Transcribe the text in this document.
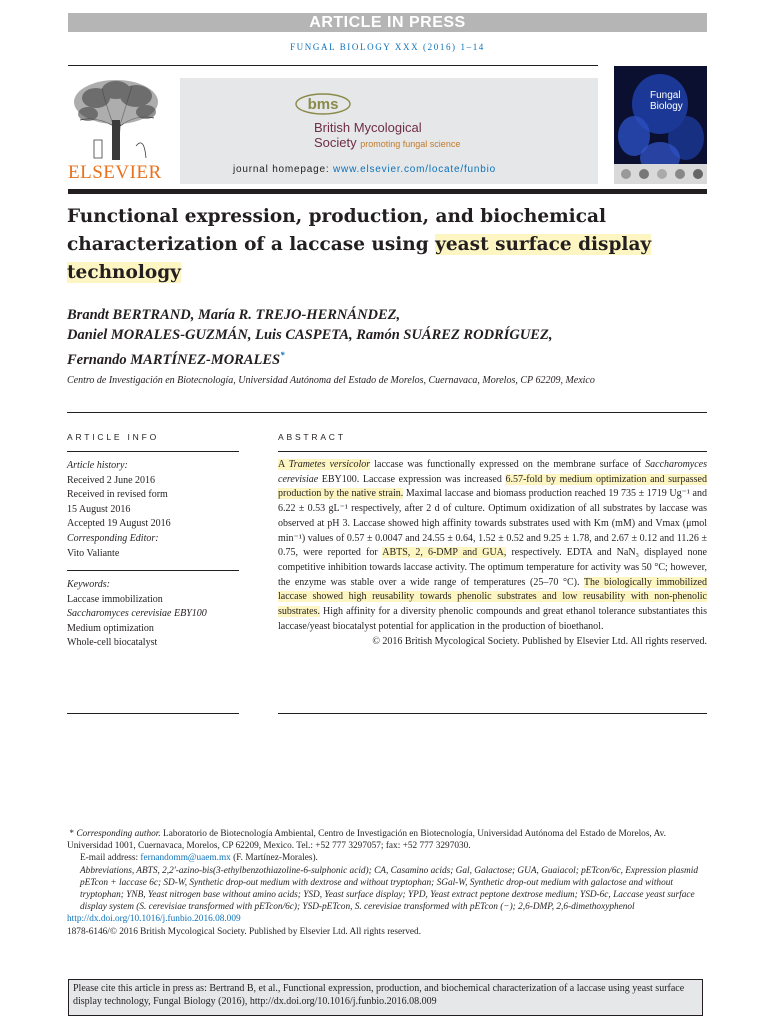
ARTICLE IN PRESS
FUNGAL BIOLOGY XXX (2016) 1–14
ELSEVIER
bms
British Mycological
Society promoting fungal science
journal homepage: www.elsevier.com/locate/funbio
Fungal
Biology
Functional expression, production, and biochemical characterization of a laccase using yeast surface display technology
Brandt BERTRAND, María R. TREJO-HERNÁNDEZ,
Daniel MORALES-GUZMÁN, Luis CASPETA, Ramón SUÁREZ RODRÍGUEZ,
Fernando MARTÍNEZ-MORALES*
Centro de Investigación en Biotecnología, Universidad Autónoma del Estado de Morelos, Cuernavaca, Morelos, CP 62209, Mexico
ARTICLE INFO	ABSTRACT
Article history:
Received 2 June 2016
Received in revised form
15 August 2016
Accepted 19 August 2016
Corresponding Editor:
Vito Valiante
Keywords:
Laccase immobilization
Saccharomyces cerevisiae EBY100
Medium optimization
Whole-cell biocatalyst
A Trametes versicolor laccase was functionally expressed on the membrane surface of Saccharomyces cerevisiae EBY100. Laccase expression was increased 6.57-fold by medium optimization and surpassed production by the native strain. Maximal laccase and biomass production reached 19 735 ± 1719 Ug⁻¹ and 6.22 ± 0.53 gL⁻¹ respectively, after 2 d of culture. Optimum oxidization of all substrates by laccase was observed at pH 3. Laccase showed high affinity towards substrates used with Km (mM) and Vmax (μmol min⁻¹) values of 0.57 ± 0.0047 and 24.55 ± 0.64, 1.52 ± 0.52 and 9.25 ± 1.78, and 2.67 ± 0.12 and 11.26 ± 0.75, were reported for ABTS, 2, 6-DMP and GUA, respectively. EDTA and NaN₃ displayed none competitive inhibition towards laccase activity. The optimum temperature for activity was 50 °C; however, the enzyme was stable over a wide range of temperatures (25–70 °C). The biologically immobilized laccase showed high reusability towards phenolic substrates and low reusability with non-phenolic substrates. High affinity for a diversity phenolic compounds and great ethanol tolerance substantiates this laccase/yeast biocatalyst potential for application in the production of bioethanol.
© 2016 British Mycological Society. Published by Elsevier Ltd. All rights reserved.
* Corresponding author. Laboratorio de Biotecnología Ambiental, Centro de Investigación en Biotecnología, Universidad Autónoma del Estado de Morelos, Av. Universidad 1001, Cuernavaca, Morelos, CP 62209, Mexico. Tel.: +52 777 3297057; fax: +52 777 3297030.
E-mail address: fernandomm@uaem.mx (F. Martínez-Morales).
Abbreviations, ABTS, 2,2′-azino-bis(3-ethylbenzothiazoline-6-sulphonic acid); CA, Casamino acids; Gal, Galactose; GUA, Guaiacol; pETcon/6c, Expression plasmid pETcon + laccase 6c; SD-W, Synthetic drop-out medium with dextrose and without tryptophan; SGal-W, Synthetic drop-out medium with galactose and without tryptophan; YNB, Yeast nitrogen base without amino acids; YSD, Yeast surface display; YPD, Yeast extract peptone dextrose medium; YSD-6c, Laccase yeast surface display system (S. cerevisiae transformed with pETcon/6c); YSD-pETcon, S. cerevisiae transformed with pETcon (−); 2,6-DMP, 2,6-dimethoxyphenol
http://dx.doi.org/10.1016/j.funbio.2016.08.009
1878-6146/© 2016 British Mycological Society. Published by Elsevier Ltd. All rights reserved.
Please cite this article in press as: Bertrand B, et al., Functional expression, production, and biochemical characterization of a laccase using yeast surface display technology, Fungal Biology (2016), http://dx.doi.org/10.1016/j.funbio.2016.08.009
